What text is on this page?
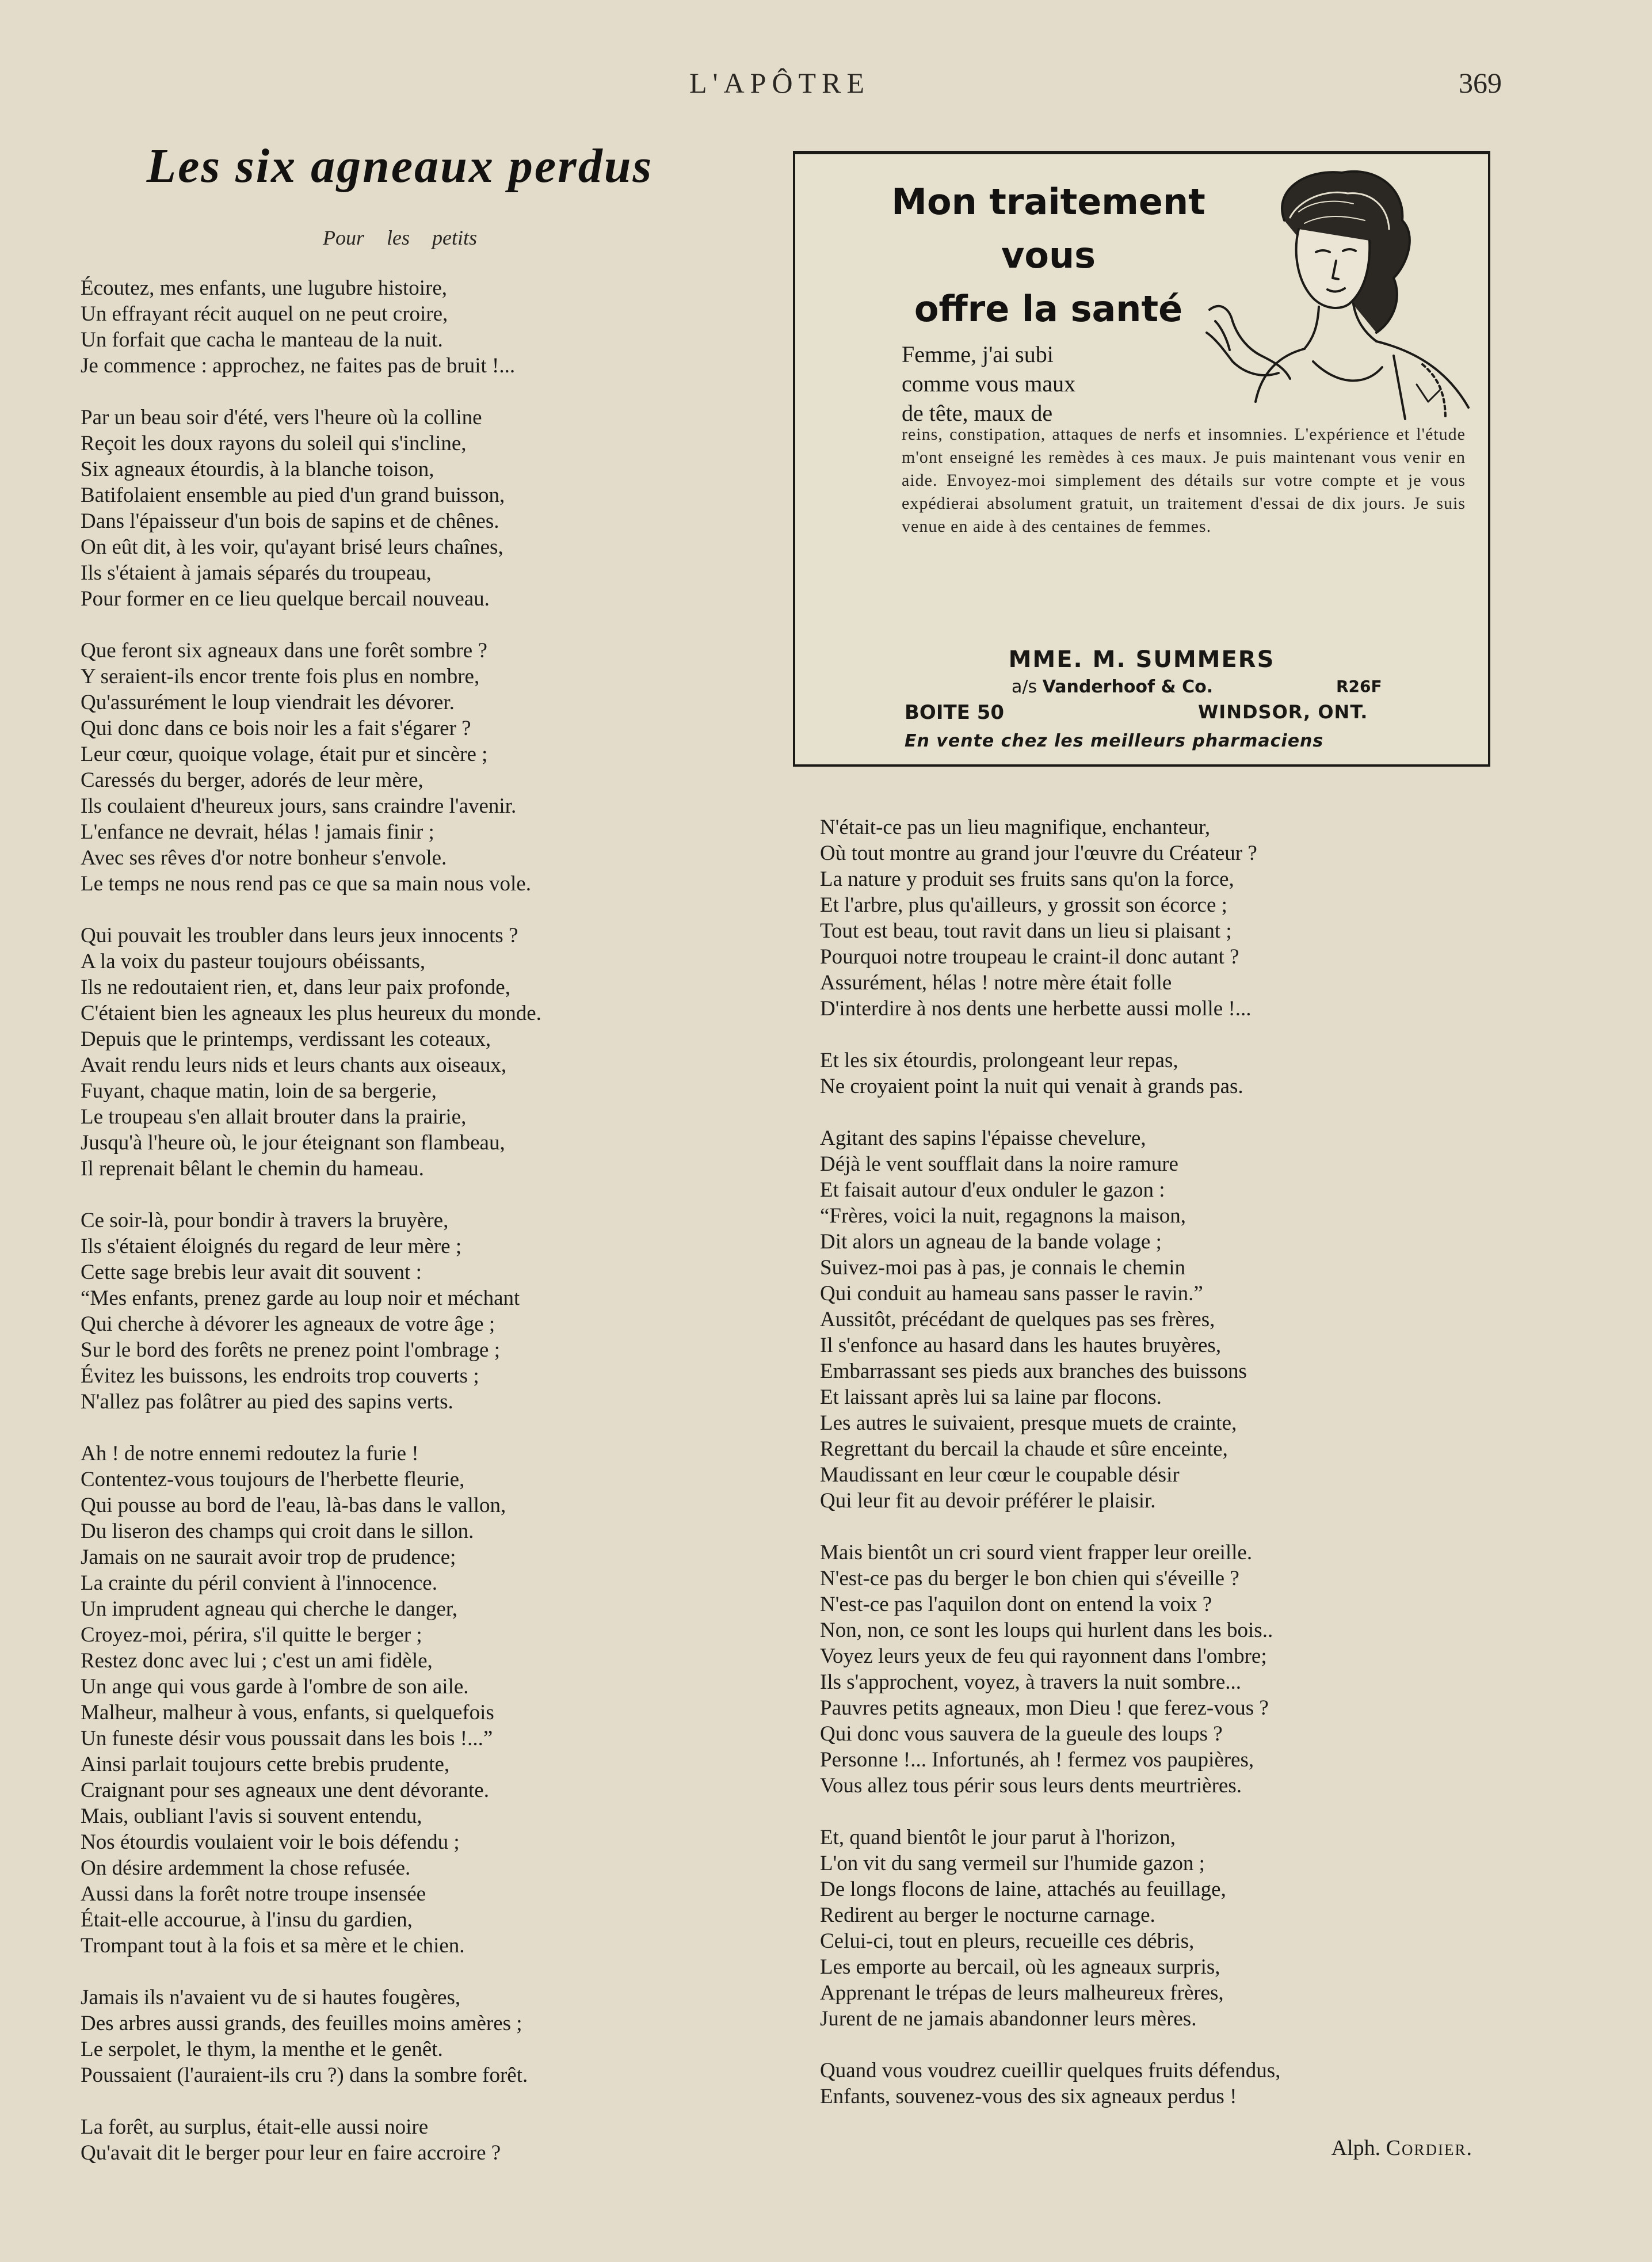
L'APÔTRE	369
Les six agneaux perdus
Pour les petits

Écoutez, mes enfants, une lugubre histoire,
Un effrayant récit auquel on ne peut croire,
Un forfait que cacha le manteau de la nuit.
Je commence : approchez, ne faites pas de bruit !...

Par un beau soir d'été, vers l'heure où la colline
Reçoit les doux rayons du soleil qui s'incline,
Six agneaux étourdis, à la blanche toison,
Batifolaient ensemble au pied d'un grand buisson,
Dans l'épaisseur d'un bois de sapins et de chênes.
On eût dit, à les voir, qu'ayant brisé leurs chaînes,
Ils s'étaient à jamais séparés du troupeau,
Pour former en ce lieu quelque bercail nouveau.

Que feront six agneaux dans une forêt sombre ?
Y seraient-ils encor trente fois plus en nombre,
Qu'assurément le loup viendrait les dévorer.
Qui donc dans ce bois noir les a fait s'égarer ?
Leur cœur, quoique volage, était pur et sincère ;
Caressés du berger, adorés de leur mère,
Ils coulaient d'heureux jours, sans craindre l'avenir.
L'enfance ne devrait, hélas ! jamais finir ;
Avec ses rêves d'or notre bonheur s'envole.
Le temps ne nous rend pas ce que sa main nous vole.

Qui pouvait les troubler dans leurs jeux innocents ?
A la voix du pasteur toujours obéissants,
Ils ne redoutaient rien, et, dans leur paix profonde,
C'étaient bien les agneaux les plus heureux du monde.
Depuis que le printemps, verdissant les coteaux,
Avait rendu leurs nids et leurs chants aux oiseaux,
Fuyant, chaque matin, loin de sa bergerie,
Le troupeau s'en allait brouter dans la prairie,
Jusqu'à l'heure où, le jour éteignant son flambeau,
Il reprenait bêlant le chemin du hameau.

Ce soir-là, pour bondir à travers la bruyère,
Ils s'étaient éloignés du regard de leur mère ;
Cette sage brebis leur avait dit souvent :
“Mes enfants, prenez garde au loup noir et méchant
Qui cherche à dévorer les agneaux de votre âge ;
Sur le bord des forêts ne prenez point l'ombrage ;
Évitez les buissons, les endroits trop couverts ;
N'allez pas folâtrer au pied des sapins verts.

Ah ! de notre ennemi redoutez la furie !
Contentez-vous toujours de l'herbette fleurie,
Qui pousse au bord de l'eau, là-bas dans le vallon,
Du liseron des champs qui croit dans le sillon.
Jamais on ne saurait avoir trop de prudence;
La crainte du péril convient à l'innocence.
Un imprudent agneau qui cherche le danger,
Croyez-moi, périra, s'il quitte le berger ;
Restez donc avec lui ; c'est un ami fidèle,
Un ange qui vous garde à l'ombre de son aile.
Malheur, malheur à vous, enfants, si quelquefois
Un funeste désir vous poussait dans les bois !...”
Ainsi parlait toujours cette brebis prudente,
Craignant pour ses agneaux une dent dévorante.
Mais, oubliant l'avis si souvent entendu,
Nos étourdis voulaient voir le bois défendu ;
On désire ardemment la chose refusée.
Aussi dans la forêt notre troupe insensée
Était-elle accourue, à l'insu du gardien,
Trompant tout à la fois et sa mère et le chien.

Jamais ils n'avaient vu de si hautes fougères,
Des arbres aussi grands, des feuilles moins amères ;
Le serpolet, le thym, la menthe et le genêt.
Poussaient (l'auraient-ils cru ?) dans la sombre forêt.

La forêt, au surplus, était-elle aussi noire
Qu'avait dit le berger pour leur en faire accroire ?

N'était-ce pas un lieu magnifique, enchanteur,
Où tout montre au grand jour l'œuvre du Créateur ?
La nature y produit ses fruits sans qu'on la force,
Et l'arbre, plus qu'ailleurs, y grossit son écorce ;
Tout est beau, tout ravit dans un lieu si plaisant ;
Pourquoi notre troupeau le craint-il donc autant ?
Assurément, hélas ! notre mère était folle
D'interdire à nos dents une herbette aussi molle !...

Et les six étourdis, prolongeant leur repas,
Ne croyaient point la nuit qui venait à grands pas.

Agitant des sapins l'épaisse chevelure,
Déjà le vent soufflait dans la noire ramure
Et faisait autour d'eux onduler le gazon :
“Frères, voici la nuit, regagnons la maison,
Dit alors un agneau de la bande volage ;
Suivez-moi pas à pas, je connais le chemin
Qui conduit au hameau sans passer le ravin.”
Aussitôt, précédant de quelques pas ses frères,
Il s'enfonce au hasard dans les hautes bruyères,
Embarrassant ses pieds aux branches des buissons
Et laissant après lui sa laine par flocons.
Les autres le suivaient, presque muets de crainte,
Regrettant du bercail la chaude et sûre enceinte,
Maudissant en leur cœur le coupable désir
Qui leur fit au devoir préférer le plaisir.

Mais bientôt un cri sourd vient frapper leur oreille.
N'est-ce pas du berger le bon chien qui s'éveille ?
N'est-ce pas l'aquilon dont on entend la voix ?
Non, non, ce sont les loups qui hurlent dans les bois..
Voyez leurs yeux de feu qui rayonnent dans l'ombre;
Ils s'approchent, voyez, à travers la nuit sombre...
Pauvres petits agneaux, mon Dieu ! que ferez-vous ?
Qui donc vous sauvera de la gueule des loups ?
Personne !... Infortunés, ah ! fermez vos paupières,
Vous allez tous périr sous leurs dents meurtrières.

Et, quand bientôt le jour parut à l'horizon,
L'on vit du sang vermeil sur l'humide gazon ;
De longs flocons de laine, attachés au feuillage,
Redirent au berger le nocturne carnage.
Celui-ci, tout en pleurs, recueille ces débris,
Les emporte au bercail, où les agneaux surpris,
Apprenant le trépas de leurs malheureux frères,
Jurent de ne jamais abandonner leurs mères.

Quand vous voudrez cueillir quelques fruits défendus,
Enfants, souvenez-vous des six agneaux perdus !

Alph. Cordier.
Mon traitement
vous
offre la santé
Femme, j'ai subi
comme vous maux
de tête, maux de
reins, constipation, attaques de nerfs et insomnies. L'expérience et l'étude m'ont enseigné les remèdes à ces maux. Je puis maintenant vous venir en aide. Envoyez-moi simplement des détails sur votre compte et je vous expédierai absolument gratuit, un traitement d'essai de dix jours. Je suis venue en aide à des centaines de femmes.
MME. M. SUMMERS
a/s Vanderhoof & Co.	R26F
BOITE 50	WINDSOR, ONT.
En vente chez les meilleurs pharmaciens
